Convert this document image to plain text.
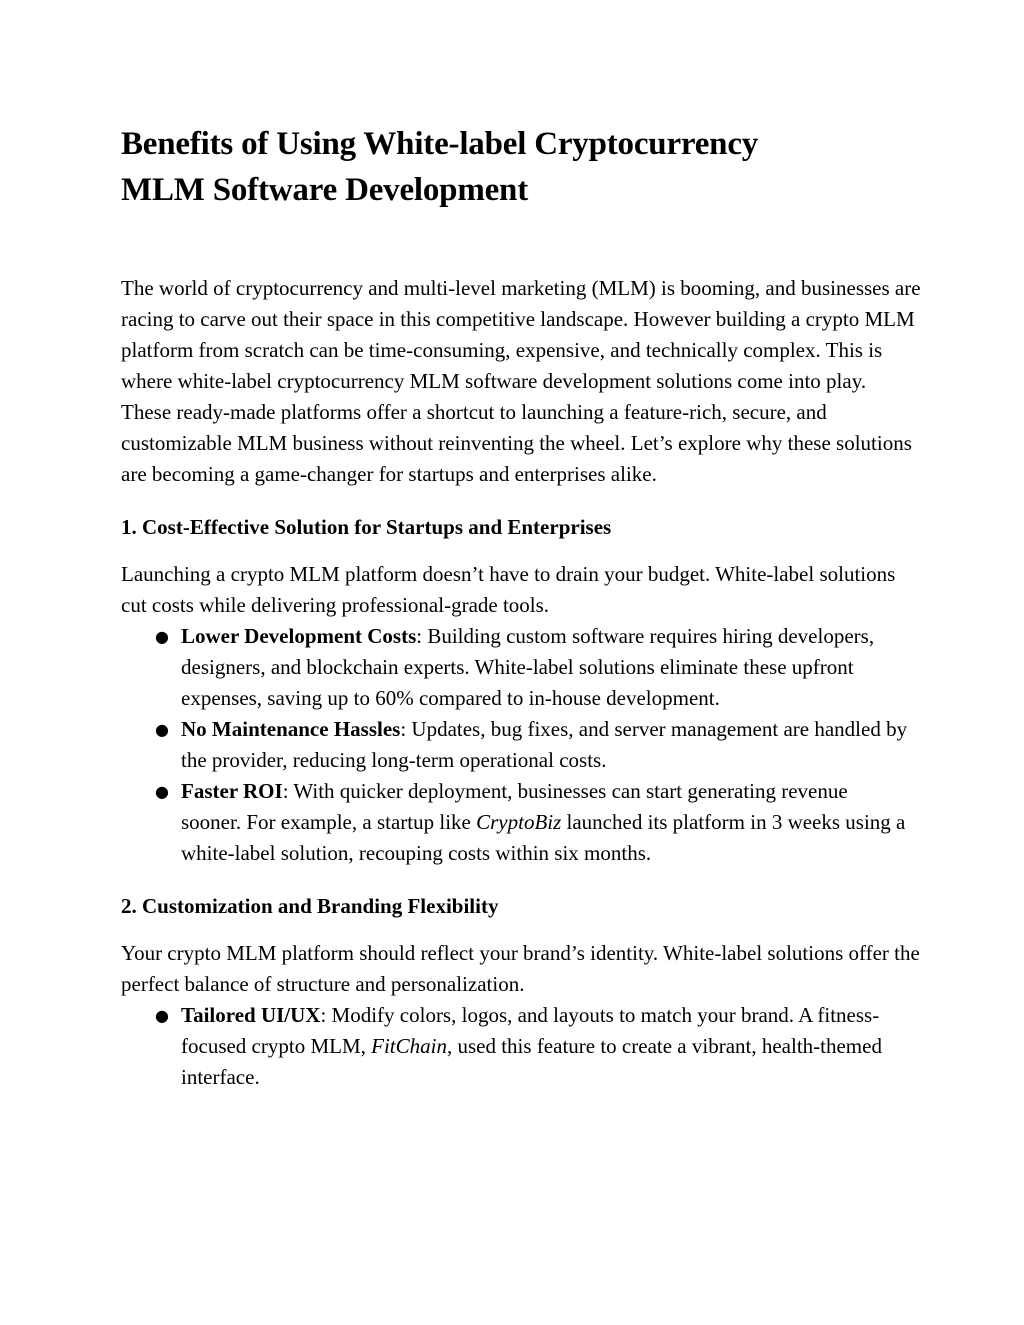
Benefits of Using White-label Cryptocurrency
MLM Software Development

The world of cryptocurrency and multi-level marketing (MLM) is booming, and businesses are racing to carve out their space in this competitive landscape. However building a crypto MLM platform from scratch can be time-consuming, expensive, and technically complex. This is where white-label cryptocurrency MLM software development solutions come into play. These ready-made platforms offer a shortcut to launching a feature-rich, secure, and customizable MLM business without reinventing the wheel. Let’s explore why these solutions are becoming a game-changer for startups and enterprises alike.

1. Cost-Effective Solution for Startups and Enterprises

Launching a crypto MLM platform doesn’t have to drain your budget. White-label solutions cut costs while delivering professional-grade tools.

● Lower Development Costs: Building custom software requires hiring developers, designers, and blockchain experts. White-label solutions eliminate these upfront expenses, saving up to 60% compared to in-house development.
● No Maintenance Hassles: Updates, bug fixes, and server management are handled by the provider, reducing long-term operational costs.
● Faster ROI: With quicker deployment, businesses can start generating revenue sooner. For example, a startup like CryptoBiz launched its platform in 3 weeks using a white-label solution, recouping costs within six months.
2. Customization and Branding Flexibility

Your crypto MLM platform should reflect your brand’s identity. White-label solutions offer the perfect balance of structure and personalization.

● Tailored UI/UX: Modify colors, logos, and layouts to match your brand. A fitness-focused crypto MLM, FitChain, used this feature to create a vibrant, health-themed interface.
